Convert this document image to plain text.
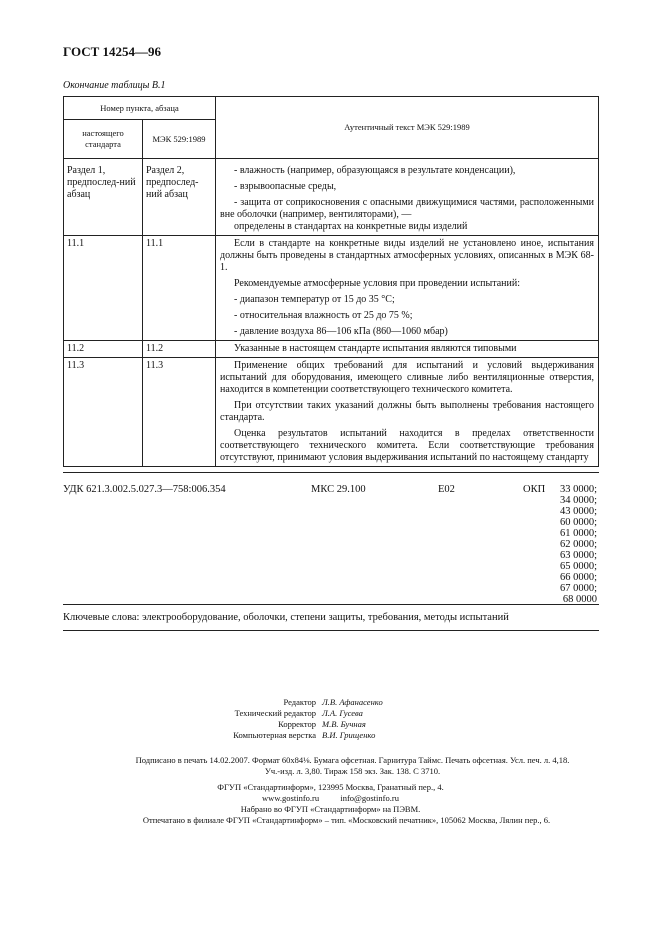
ГОСТ 14254—96
Окончание таблицы В.1
Номер пункта, абзаца		Аутентичный текст МЭК 529:1989
настоящего стандарта	МЭК 529:1989	
Раздел 1, предпослед-ний абзац	Раздел 2, предпослед-ний абзац	- влажность (например, образующаяся в результате конденсации),
- взрывоопасные среды,
- защита от соприкосновения с опасными движущимися частями, расположенными вне оболочки (например, вентиляторами), —
определены в стандартах на конкретные виды изделий

11.1	11.1	Если в стандарте на конкретные виды изделий не установлено иное, испытания должны быть проведены в стандартных атмосферных условиях, описанных в МЭК 68-1.
Рекомендуемые атмосферные условия при проведении испытаний:
- диапазон температур от 15 до 35 °С;
- относительная влажность от 25 до 75 %;
- давление воздуха 86—106 кПа (860—1060 мбар)

11.2	11.2	Указанные в настоящем стандарте испытания являются типовыми

11.3	11.3	Применение общих требований для испытаний и условий выдерживания испытаний для оборудования, имеющего сливные либо вентиляционные отверстия, находится в компетенции соответствующего технического комитета.
При отсутствии таких указаний должны быть выполнены требования настоящего стандарта.
Оценка результатов испытаний находится в пределах ответственности соответствующего технического комитета. Если соответствующие требования отсутствуют, принимают условия выдерживания испытаний по настоящему стандарту
УДК 621.3.002.5.027.3—758:006.354	МКС 29.100	E02	ОКП	33 0000;
34 0000;
43 0000;
60 0000;
61 0000;
62 0000;
63 0000;
65 0000;
66 0000;
67 0000;
68 0000
Ключевые слова: электрооборудование, оболочки, степени защиты, требования, методы испытаний
Редактор Л.В. Афанасенко
Технический редактор Л.А. Гусева
Корректор М.В. Бучная
Компьютерная верстка В.И. Грищенко
Подписано в печать 14.02.2007. Формат 60х84⅛. Бумага офсетная. Гарнитура Таймс. Печать офсетная. Усл. печ. л. 4,18.
Уч.-изд. л. 3,80. Тираж 158 экз. Зак. 138. С 3710.
ФГУП «Стандартинформ», 123995 Москва, Гранатный пер., 4.
www.gostinfo.ru          info@gostinfo.ru
Набрано во ФГУП «Стандартинформ» на ПЭВМ.
Отпечатано в филиале ФГУП «Стандартинформ» – тип. «Московский печатник», 105062 Москва, Лялин пер., 6.
